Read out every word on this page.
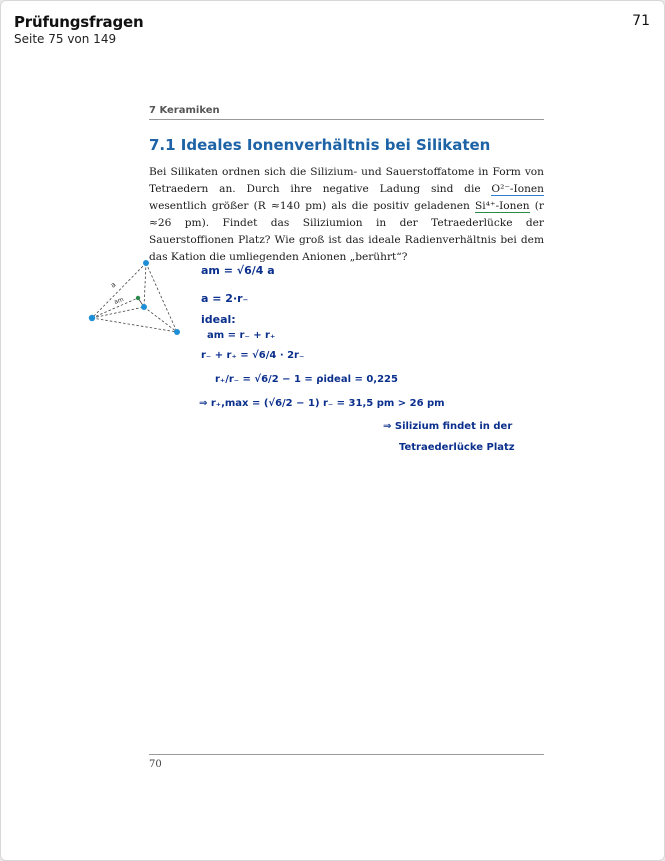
Prüfungsfragen
Seite 75 von 149
71
7 Keramiken
7.1 Ideales Ionenverhältnis bei Silikaten
Bei Silikaten ordnen sich die Silizium- und Sauerstoffatome in Form von Tetraedern an. Durch ihre negative Ladung sind die O²⁻-Ionen wesentlich größer (R ≈140 pm) als die positiv geladenen Si⁴⁺-Ionen (r ≈26 pm). Findet das Siliziumion in der Tetraederlücke der Sauerstoffionen Platz? Wie groß ist das ideale Radienverhältnis bei dem das Kation die umliegenden Anionen „berührt“?
a
am
am = √6/4 a
a = 2·r₋
ideal:
am = r₋ + r₊
r₋ + r₊ = √6/4 · 2r₋
r₊/r₋ = √6/2 − 1 = ρideal = 0,225
⇒ r₊,max = (√6/2 − 1) r₋ = 31,5 pm > 26 pm
⇒ Silizium findet in der
Tetraederlücke Platz
70
